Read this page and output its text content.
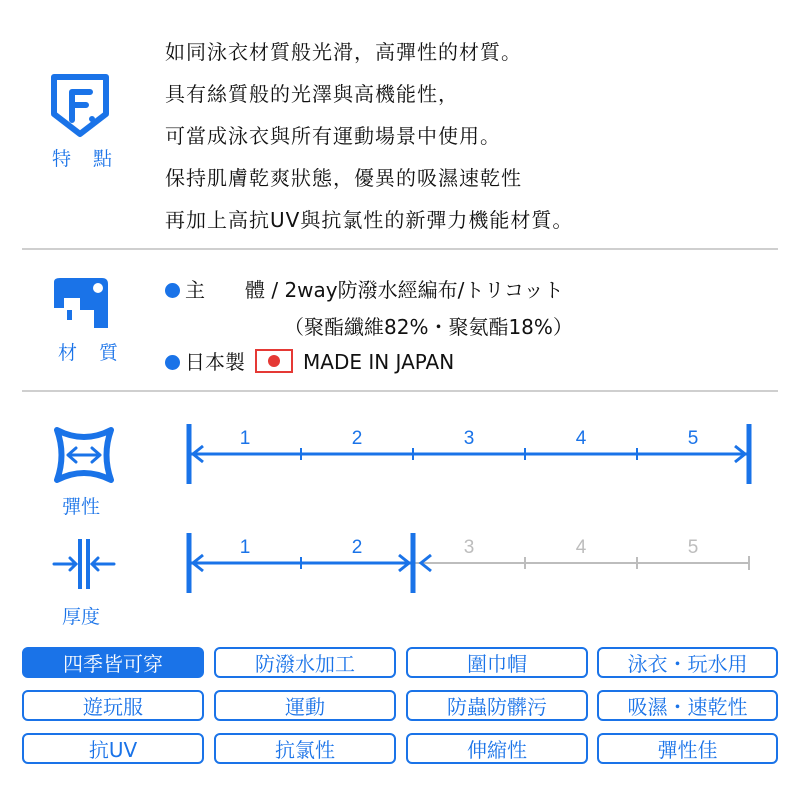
特 點
如同泳衣材質般光滑，高彈性的材質。
具有絲質般的光澤與高機能性，
可當成泳衣與所有運動場景中使用。
保持肌膚乾爽狀態，優異的吸濕速乾性
再加上高抗UV與抗氯性的新彈力機能材質。
材 質
主　　體 / 2way防潑水經編布/トリコット
（聚酯纖維82%・聚氨酯18%）
日本製	MADE IN JAPAN
彈性
1	2	3	4	5
厚度
1	2	3	4	5
四季皆可穿	防潑水加工	圍巾帽	泳衣・玩水用
遊玩服	運動	防蟲防髒污	吸濕・速乾性
抗UV	抗氯性	伸縮性	彈性佳
